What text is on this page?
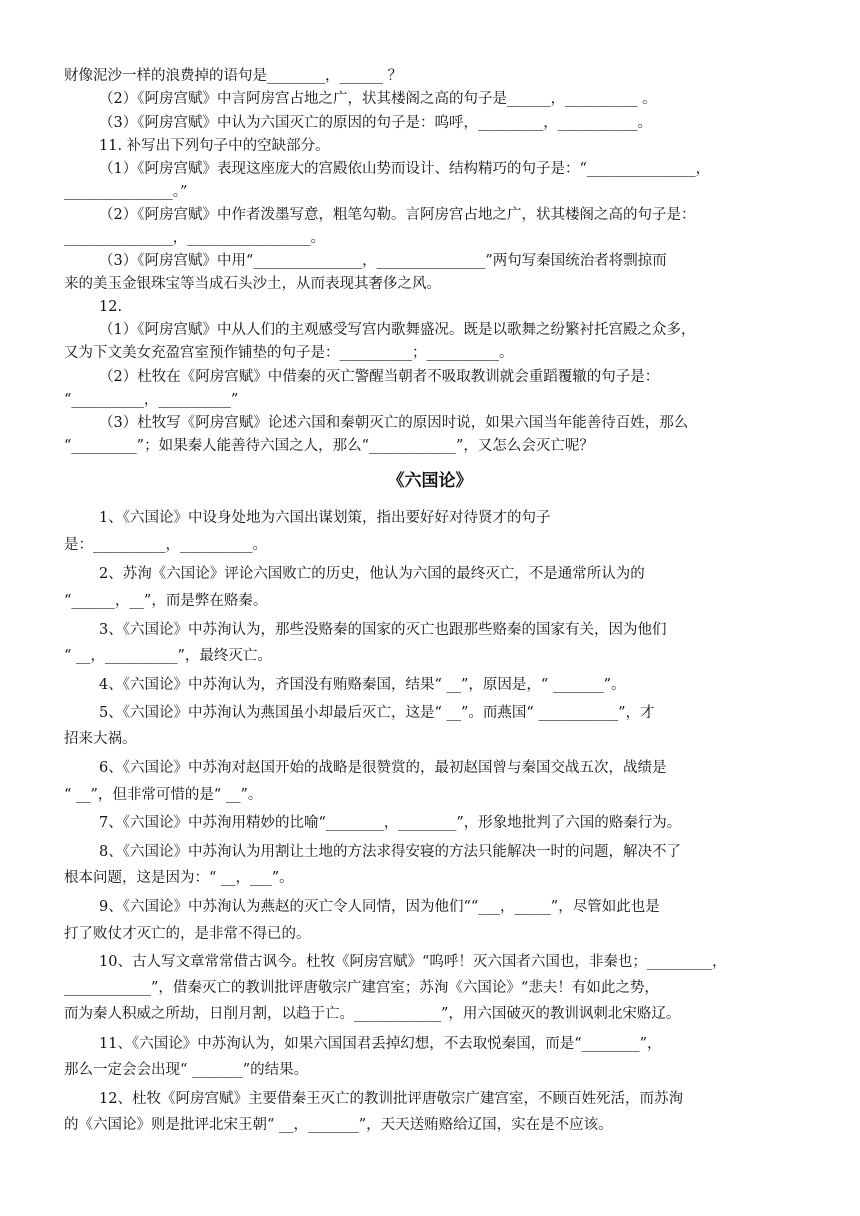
财像泥沙一样的浪费掉的语句是________，______ ？
（2）《阿房宫赋》中言阿房宫占地之广，状其楼阁之高的句子是______，__________ 。
（3）《阿房宫赋》中认为六国灭亡的原因的句子是：呜呼，_________，___________。
11. 补写出下列句子中的空缺部分。
（1）《阿房宫赋》表现这座庞大的宫殿依山势而设计、结构精巧的句子是：“_______________，
_______________。”
（2）《阿房宫赋》中作者泼墨写意，粗笔勾勒。言阿房宫占地之广，状其楼阁之高的句子是：
_______________，_________________。
（3）《阿房宫赋》中用“_______________，_______________”两句写秦国统治者将剽掠而
来的美玉金银珠宝等当成石头沙土，从而表现其奢侈之风。
12.
（1）《阿房宫赋》中从人们的主观感受写宫内歌舞盛况。既是以歌舞之纷繁衬托宫殿之众多，
又为下文美女充盈宫室预作铺垫的句子是：__________；__________。
（2）杜牧在《阿房宫赋》中借秦的灭亡警醒当朝者不吸取教训就会重蹈覆辙的句子是：
“__________，__________”
（3）杜牧写《阿房宫赋》论述六国和秦朝灭亡的原因时说，如果六国当年能善待百姓，那么
“_________”；如果秦人能善待六国之人，那么“____________”，又怎么会灭亡呢？
《六国论》
1、《六国论》中设身处地为六国出谋划策，指出要好好对待贤才的句子
是：__________，__________。
2、苏洵《六国论》评论六国败亡的历史，他认为六国的最终灭亡，不是通常所认为的
“______，__”，而是弊在赂秦。
3、《六国论》中苏洵认为，那些没赂秦的国家的灭亡也跟那些赂秦的国家有关，因为他们
“ __，__________”，最终灭亡。
4、《六国论》中苏洵认为，齐国没有贿赂秦国，结果“ __”，原因是，“ _______”。
5、《六国论》中苏洵认为燕国虽小却最后灭亡，这是“ __”。而燕国“ ___________”，才
招来大祸。
6、《六国论》中苏洵对赵国开始的战略是很赞赏的，最初赵国曾与秦国交战五次，战绩是
“ __”，但非常可惜的是“ __”。
7、《六国论》中苏洵用精妙的比喻“________，________”，形象地批判了六国的赂秦行为。
8、《六国论》中苏洵认为用割让土地的方法求得安寝的方法只能解决一时的问题，解决不了
根本问题，这是因为：“ __，___”。
9、《六国论》中苏洵认为燕赵的灭亡令人同情，因为他们““___，_____”，尽管如此也是
打了败仗才灭亡的，是非常不得已的。
10、古人写文章常常借古讽今。杜牧《阿房宫赋》“呜呼！灭六国者六国也，非秦也；_________，
____________”，借秦灭亡的教训批评唐敬宗广建宫室；苏洵《六国论》“悲夫！有如此之势，
而为秦人积威之所劫，日削月割，以趋于亡。____________”，用六国破灭的教训讽刺北宋赂辽。
11、《六国论》中苏洵认为，如果六国国君丢掉幻想，不去取悦秦国，而是“________”，
那么一定会会出现“ _______”的结果。
12、杜牧《阿房宫赋》主要借秦王灭亡的教训批评唐敬宗广建宫室，不顾百姓死活，而苏洵
的《六国论》则是批评北宋王朝“ __，_______”，天天送贿赂给辽国，实在是不应该。
